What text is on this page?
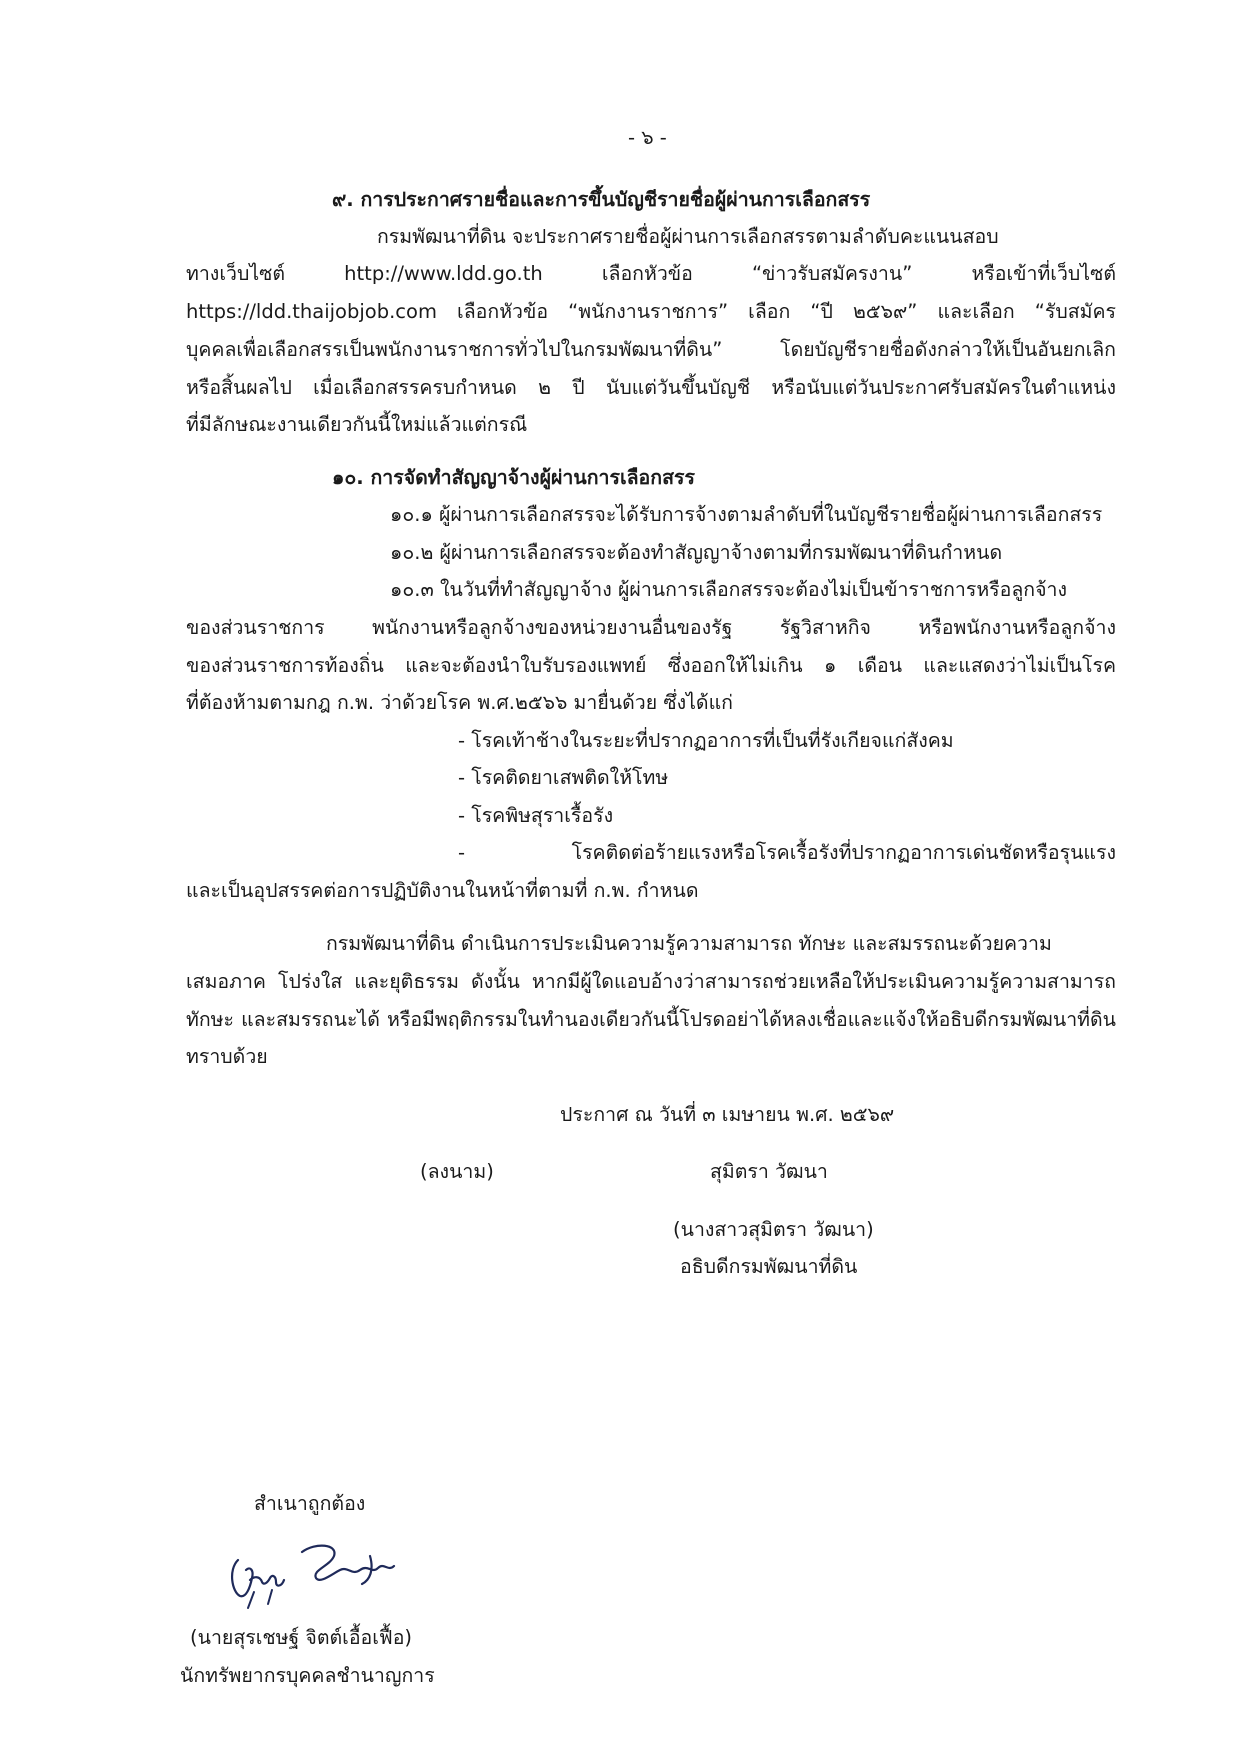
- ๖ -
๙. การประกาศรายชื่อและการขึ้นบัญชีรายชื่อผู้ผ่านการเลือกสรร
กรมพัฒนาที่ดิน จะประกาศรายชื่อผู้ผ่านการเลือกสรรตามลำดับคะแนนสอบ
ทางเว็บไซต์ http://www.ldd.go.th เลือกหัวข้อ “ข่าวรับสมัครงาน” หรือเข้าที่เว็บไซต์
https://ldd.thaijobjob.com เลือกหัวข้อ “พนักงานราชการ” เลือก “ปี ๒๕๖๙” และเลือก “รับสมัคร
บุคคลเพื่อเลือกสรรเป็นพนักงานราชการทั่วไปในกรมพัฒนาที่ดิน” โดยบัญชีรายชื่อดังกล่าวให้เป็นอันยกเลิก
หรือสิ้นผลไป เมื่อเลือกสรรครบกำหนด ๒ ปี นับแต่วันขึ้นบัญชี หรือนับแต่วันประกาศรับสมัครในตำแหน่ง
ที่มีลักษณะงานเดียวกันนี้ใหม่แล้วแต่กรณี
๑๐. การจัดทำสัญญาจ้างผู้ผ่านการเลือกสรร
๑๐.๑ ผู้ผ่านการเลือกสรรจะได้รับการจ้างตามลำดับที่ในบัญชีรายชื่อผู้ผ่านการเลือกสรร
๑๐.๒ ผู้ผ่านการเลือกสรรจะต้องทำสัญญาจ้างตามที่กรมพัฒนาที่ดินกำหนด
๑๐.๓ ในวันที่ทำสัญญาจ้าง ผู้ผ่านการเลือกสรรจะต้องไม่เป็นข้าราชการหรือลูกจ้าง
ของส่วนราชการ พนักงานหรือลูกจ้างของหน่วยงานอื่นของรัฐ รัฐวิสาหกิจ หรือพนักงานหรือลูกจ้าง
ของส่วนราชการท้องถิ่น และจะต้องนำใบรับรองแพทย์ ซึ่งออกให้ไม่เกิน ๑ เดือน และแสดงว่าไม่เป็นโรค
ที่ต้องห้ามตามกฎ ก.พ. ว่าด้วยโรค พ.ศ.๒๕๖๖ มายื่นด้วย ซึ่งได้แก่
- โรคเท้าช้างในระยะที่ปรากฏอาการที่เป็นที่รังเกียจแก่สังคม
- โรคติดยาเสพติดให้โทษ
- โรคพิษสุราเรื้อรัง
- โรคติดต่อร้ายแรงหรือโรคเรื้อรังที่ปรากฏอาการเด่นชัดหรือรุนแรง
และเป็นอุปสรรคต่อการปฏิบัติงานในหน้าที่ตามที่ ก.พ. กำหนด
กรมพัฒนาที่ดิน ดำเนินการประเมินความรู้ความสามารถ ทักษะ และสมรรถนะด้วยความ
เสมอภาค โปร่งใส และยุติธรรม ดังนั้น หากมีผู้ใดแอบอ้างว่าสามารถช่วยเหลือให้ประเมินความรู้ความสามารถ
ทักษะ และสมรรถนะได้ หรือมีพฤติกรรมในทำนองเดียวกันนี้โปรดอย่าได้หลงเชื่อและแจ้งให้อธิบดีกรมพัฒนาที่ดิน
ทราบด้วย
ประกาศ ณ วันที่ ๓ เมษายน พ.ศ. ๒๕๖๙
(ลงนาม)	สุมิตรา วัฒนา
(นางสาวสุมิตรา วัฒนา)
อธิบดีกรมพัฒนาที่ดิน
สำเนาถูกต้อง
(นายสุรเชษฐ์ จิตต์เอื้อเฟื้อ)
นักทรัพยากรบุคคลชำนาญการ
